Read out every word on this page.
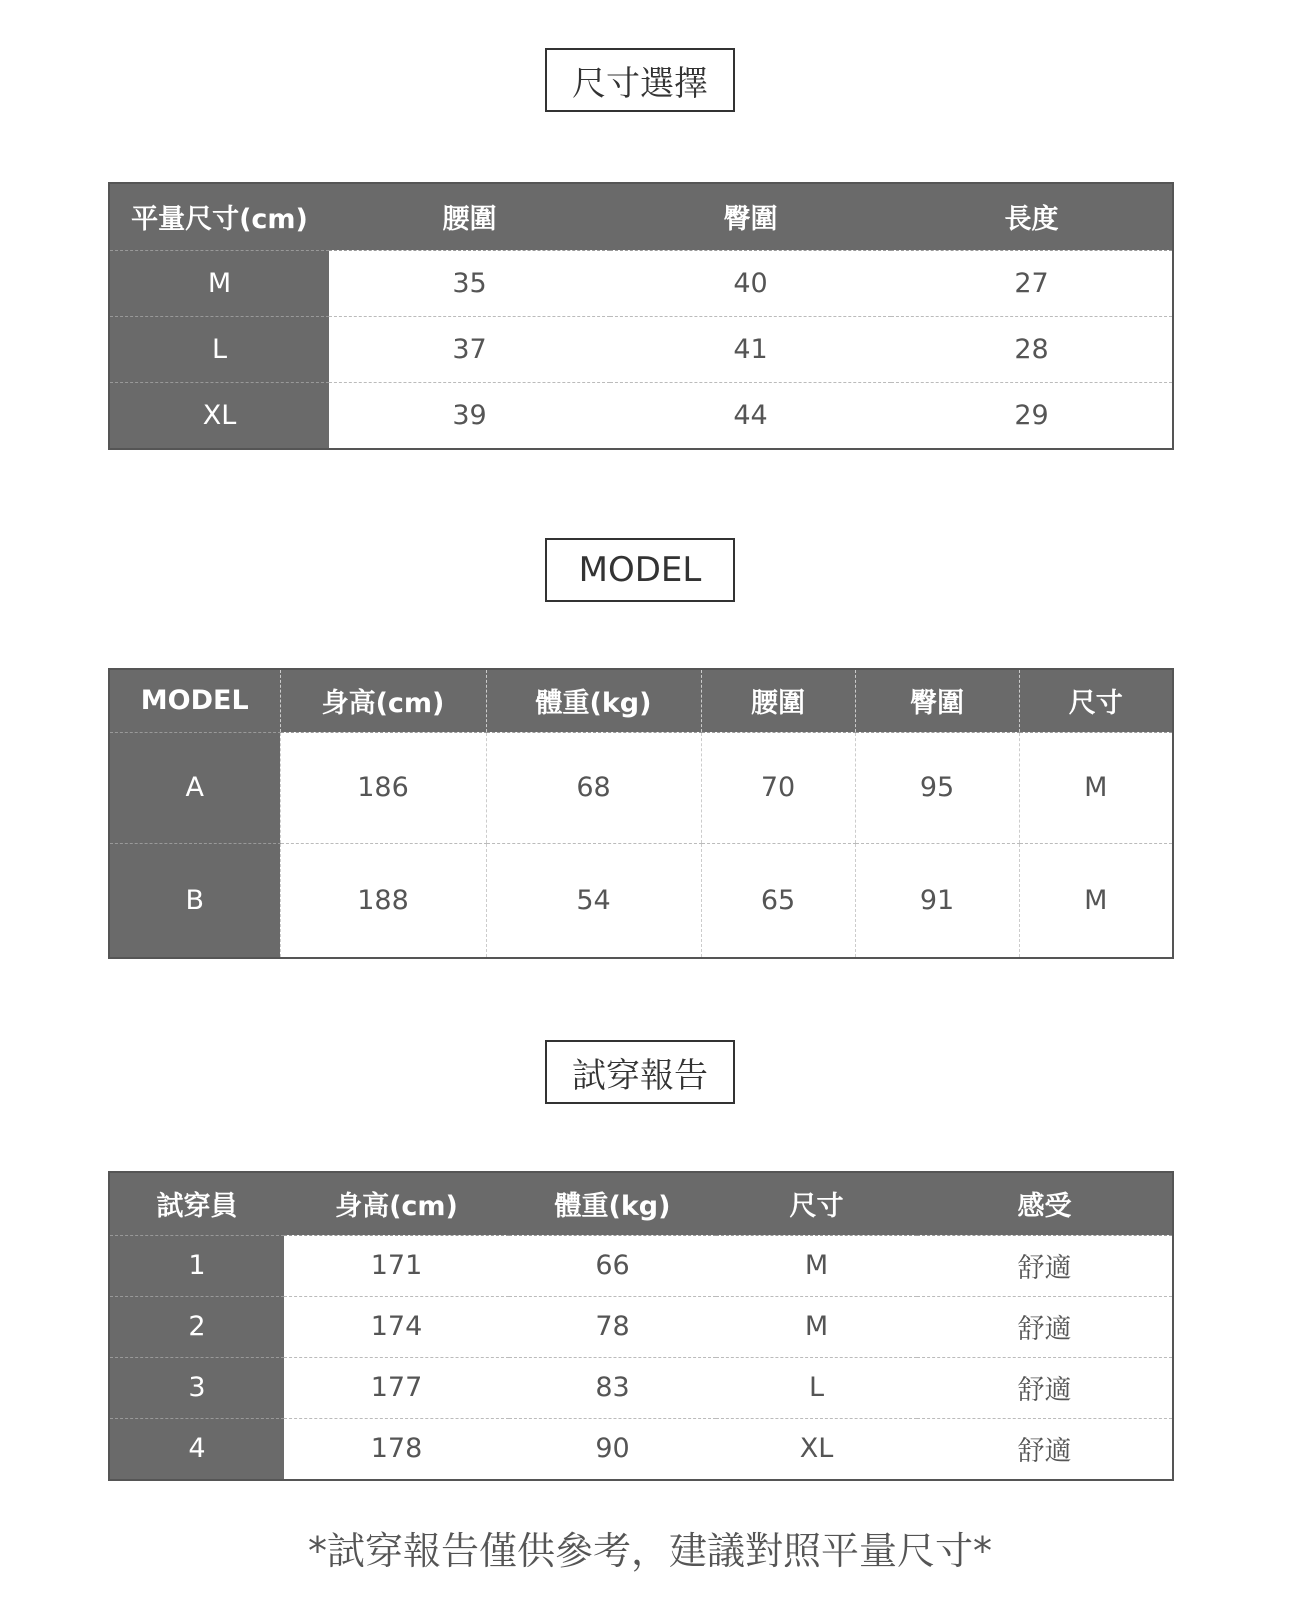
尺寸選擇
平量尺寸(cm)	腰圍	臀圍	長度
M	35	40	27
L	37	41	28
XL	39	44	29
MODEL
MODEL	身高(cm)	體重(kg)	腰圍	臀圍	尺寸
A	186	68	70	95	M
B	188	54	65	91	M
試穿報告
試穿員	身高(cm)	體重(kg)	尺寸	感受
1	171	66	M	舒適
2	174	78	M	舒適
3	177	83	L	舒適
4	178	90	XL	舒適
*試穿報告僅供參考，建議對照平量尺寸*
